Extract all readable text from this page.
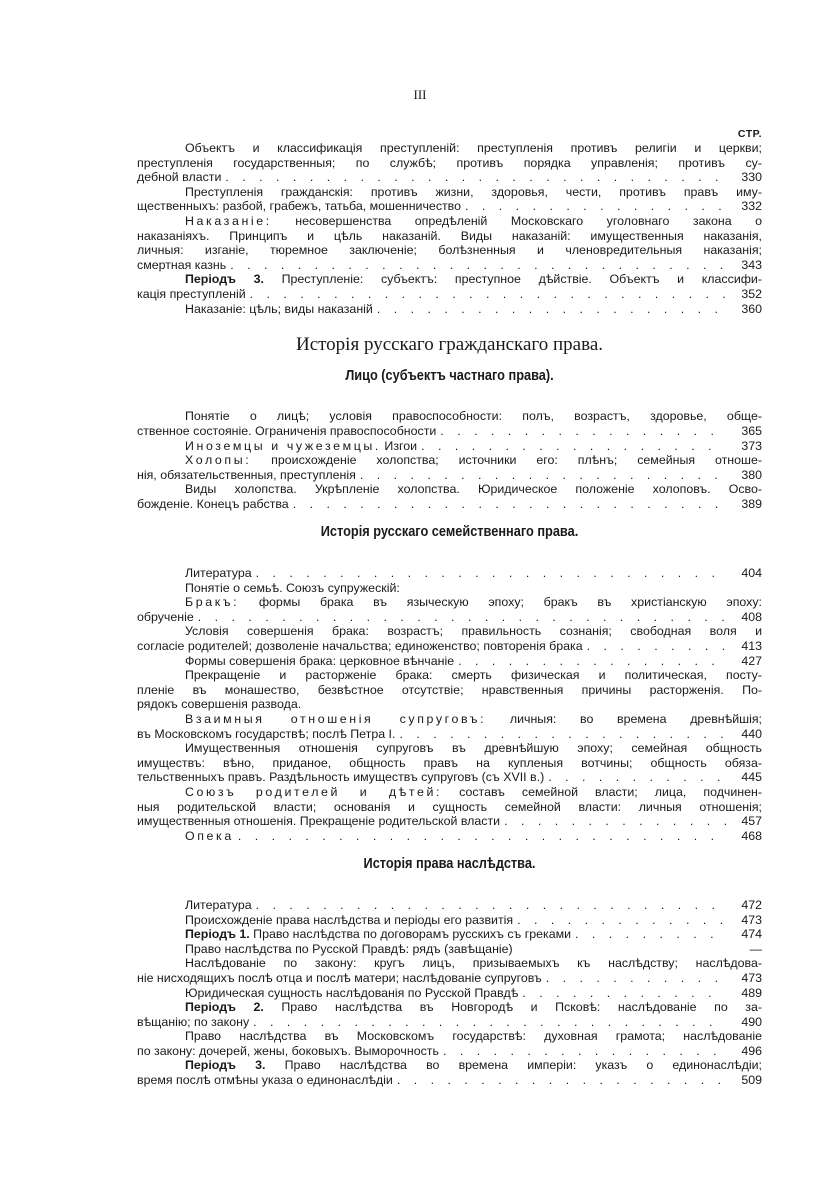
III
СТР.
Объектъ и классификація преступленій: преступленія противъ религіи и церкви;
преступленія государственныя; по службѣ; противъ порядка управленія; противъ су-
дебной власти . . .	330
Преступленія гражданскія: противъ жизни, здоровья, чести, противъ правъ иму-
щественныхъ: разбой, грабежъ, татьба, мошенничество . . .	332
Наказаніе: несовершенства опредѣленій Московскаго уголовнаго закона о
наказаніяхъ. Принципъ и цѣль наказаній. Виды наказаній: имущественныя наказанія,
личныя: изганіе, тюремное заключеніе; болѣзненныя и членовредительныя наказанія;
смертная казнь . . .	343
Періодъ 3. Преступленіе: субъектъ: преступное дѣйствіе. Объектъ и классифи-
кація преступленій . . .	352
Наказаніе: цѣль; виды наказаній . . .	360
Исторія русскаго гражданскаго права.
Лицо (субъектъ частнаго права).
Понятіе о лицѣ; условія правоспособности: полъ, возрастъ, здоровье, обще-
ственное состояніе. Ограниченія правоспособности . . .	365
Иноземцы и чужеземцы. Изгои . . .	373
Холопы: происхожденіе холопства; источники его: плѣнъ; семейныя отноше-
нія, обязательственныя, преступленія . . .	380
Виды холопства. Укрѣпленіе холопства. Юридическое положеніе холоповъ. Осво-
божденіе. Конецъ рабства . . .	389
Исторія русскаго семейственнаго права.
Литература . . .	404
Понятіе о семьѣ. Союзъ супружескій:
Бракъ: формы брака въ языческую эпоху; бракъ въ христіанскую эпоху:
обрученіе . . .	408
Условія совершенія брака: возрастъ; правильность сознанія; свободная воля и
согласіе родителей; дозволеніе начальства; единоженство; повторенія брака . . .	413
Формы совершенія брака: церковное вѣнчаніе . . .	427
Прекращеніе и расторженіе брака: смерть физическая и политическая, посту-
пленіе въ монашество, безвѣстное отсутствіе; нравственныя причины расторженія. По-
рядокъ совершенія развода.
Взаимныя отношенія супруговъ: личныя: во времена древнѣйшія;
въ Московскомъ государствѣ; послѣ Петра I. . . .	440
Имущественныя отношенія супруговъ въ древнѣйшую эпоху; семейная общность
имуществъ: вѣно, приданое, общность правъ на купленыя вотчины; общность обяза-
тельственныхъ правъ. Раздѣльность имуществъ супруговъ (съ XVII в.) . . .	445
Союзъ родителей и дѣтей: составъ семейной власти; лица, подчинен-
ныя родительской власти; основанія и сущность семейной власти: личныя отношенія;
имущественныя отношенія. Прекращеніе родительской власти . . .	457
Опека . . .	468
Исторія права наслѣдства.
Литература . . .	472
Происхожденіе права наслѣдства и періоды его развитія . . .	473
Періодъ 1. Право наслѣдства по договорамъ русскихъ съ греками . . .	474
Право наслѣдства по Русской Правдѣ: рядъ (завѣщаніе)	—
Наслѣдованіе по закону: кругъ лицъ, призываемыхъ къ наслѣдству; наслѣдова-
ніе нисходящихъ послѣ отца и послѣ матери; наслѣдованіе супруговъ . . .	473
Юридическая сущность наслѣдованія по Русской Правдѣ . . .	489
Періодъ 2. Право наслѣдства въ Новгородѣ и Псковѣ: наслѣдованіе по за-
вѣщанію; по закону . . .	490
Право наслѣдства въ Московскомъ государствѣ: духовная грамота; наслѣдованіе
по закону: дочерей, жены, боковыхъ. Выморочность . . .	496
Періодъ 3. Право наслѣдства во времена имперіи: указъ о единонаслѣдіи;
время послѣ отмѣны указа о единонаслѣдіи . . .	509
